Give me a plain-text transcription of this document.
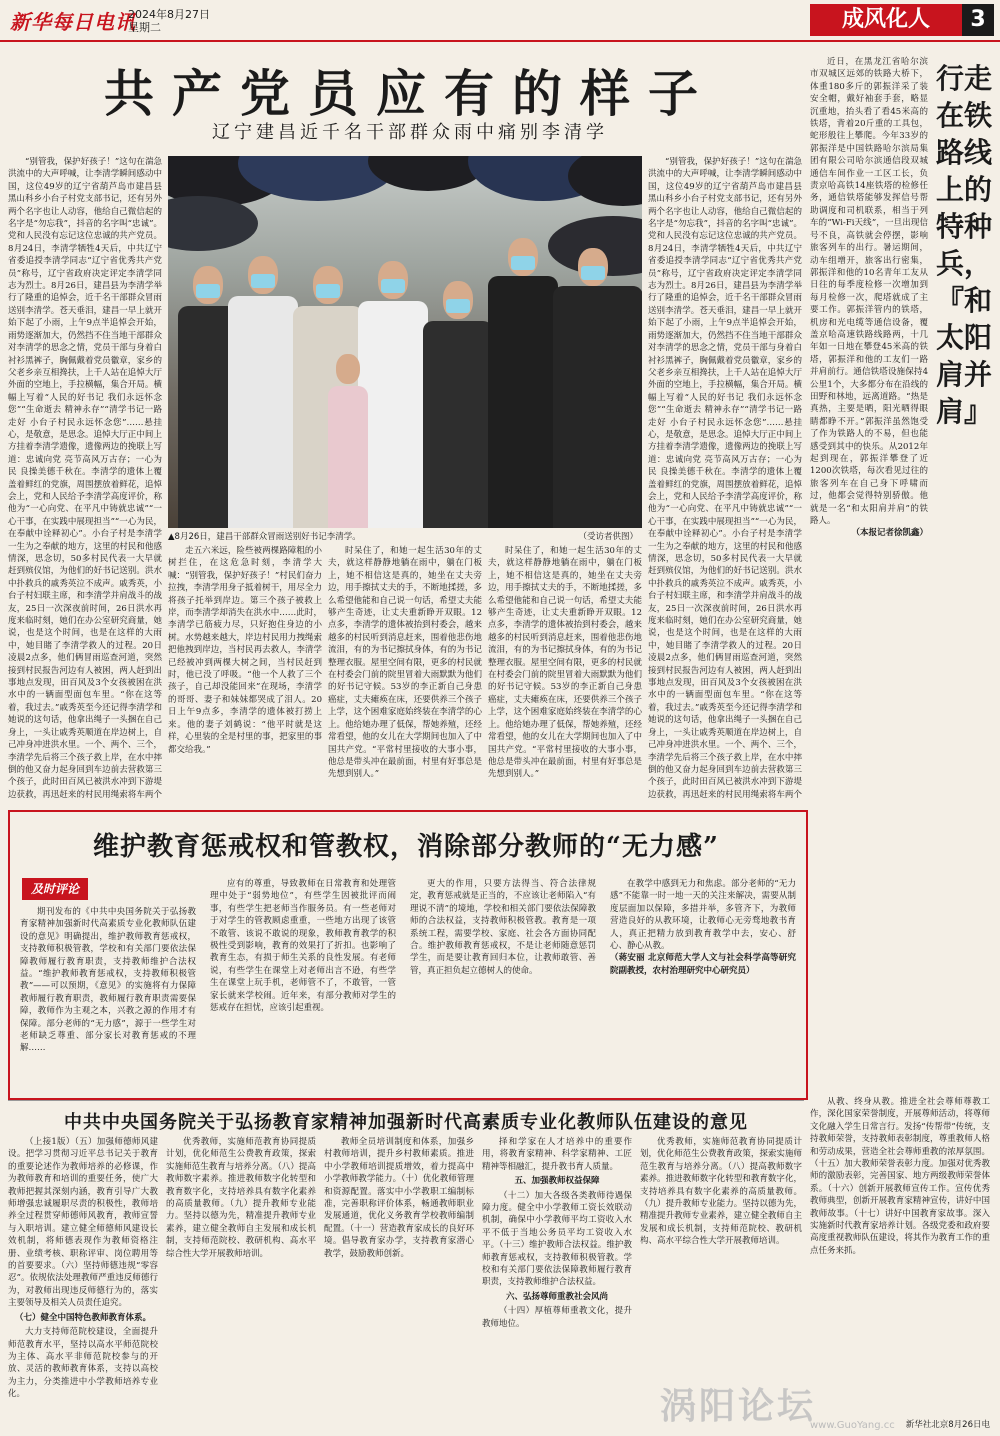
新华每日电讯
2024年8月27日
星期二	成风化人	3
共产党员应有的样子
辽宁建昌近千名干部群众雨中痛别李清学

“别管我，保护好孩子！”这句在湍急洪流中的大声呼喊，让李清学瞬间感动中国，这位49岁的辽宁省葫芦岛市建昌县黑山科乡小台子村党支部书记，还有另外两个名字也让人动容，他给自己微信起的名字是“勿忘我”，抖音的名字叫“忠诚”。党和人民没有忘记这位忠诚的共产党员。8月24日，李清学牺牲4天后，中共辽宁省委追授李清学同志“辽宁省优秀共产党员”称号，辽宁省政府决定评定李清学同志为烈士。8月26日，建昌县为李清学举行了隆重的追悼会，近千名干部群众冒雨送别李清学。苍天垂泪，建昌一早上就开始下起了小雨，上午9点半追悼会开始，雨势逐渐加大，仍然挡不住当地干部群众对李清学的思念之情，党员干部与身着白衬衫黑裤子，胸佩戴着党员徽章，家乡的父老乡亲互相搀扶，上千人站在追悼大厅外面的空地上，手拉横幅，集合开局。横幅上写着“人民的好书记 我们永远怀念您”“生命逝去 精神永存”“清学书记一路走好 小台子村民永远怀念您”……悬挂心，是敬意，是思念。追悼大厅正中间上方挂着李清学遗像，遗像两边的挽联上写道：忠诚向党 亮节高风万古存；一心为民 良操美德千秋在。李清学的遗体上覆盖着鲜红的党旗，周围摆放着鲜花，追悼会上，党和人民给予李清学高度评价，称他为“一心向党、在平凡中铸就忠诚”“一心干事，在实践中展现担当”“一心为民，在奉献中诠释初心”。小台子村是李清学一生为之奉献的地方，这里的村民和他感情深，思念切，50多村民代表一大早就赶到殡仪馆，为他们的好书记送别。洪水中扑救兵的戚秀英泣不成声。戚秀英，小台子村妇联主席，和李清学并肩战斗的战友，25日一次深夜前时间，26日洪水再度来临时刻，她们在办公室研究商量，她说，也是这个时间，也是在这样的大雨中，她目睹了李清学救人的过程。20日凌晨2点多，他们俩冒雨巡查河道，突然接到村民报告河边有人被困，两人赶到出事地点发现，田百风及3个女孩被困在洪水中的一辆面型面包车里。“你在这等着，我过去。”戚秀英至今还记得李清学和她说的这句话，他拿出绳子一头捆在自己身上，一头让戚秀英顺道在岸边树上，自己冲身冲进洪水里。一个、两个、三个，李清学先后将三个孩子救上岸，在水中摔倒的他又奋力起身回到车边前去营救第三个孩子，此时田百风已被洪水冲到下游堤边获救，再迅赶来的村民用绳索将车两个

▲8月26日，建昌干部群众冒雨送别好书记李清学。	（受访者供图）

走五六米远，险些被两棵路障粗的小树拦住，在这危急时刻，李清学大喊：“别管我，保护好孩子！”村民们奋力拉拽，李清学用身子抵着树干，用尽全力将孩子托举到岸边。第三个孩子被救上岸，而李清学却消失在洪水中……此时，李清学已筋疲力尽，只好抱住身边的小树。水势越来越大，岸边村民用力拽绳索把他拽到岸边，当村民再去救人，李清学已经被冲到两棵大树之间，当村民赶到时，他已没了呼吸。“他一个人救了三个孩子，自己却没能回来”在现场，李清学的哥哥、妻子和妹妹都哭成了泪人。20日上午9点多，李清学的遗体被打捞上来。他的妻子刘鹤说：“他平时就是这样，心里装的全是村里的事，把家里的事都交给我。”

时呆住了，和她一起生活30年的丈夫，就这样静静地躺在雨中，躺在门板上，她不相信这是真的，她坐在丈夫旁边，用手擦拭丈夫的手，不断地揉搓，多么希望他能和自己说一句话，希望丈夫能够产生奇迹，让丈夫重新睁开双眼。12点多，李清学的遗体被抬到村委会，越来越多的村民听到消息赶来，围着他悲伤地流泪，有的为书记擦拭身体，有的为书记整理衣服。屋里空间有限，更多的村民就在村委会门前的院里冒着大雨默默为他们的好书记守候。53岁的李正新自己身患癌症，丈夫瘫痪在床，还要供养三个孩子上学，这个困难家庭始终装在李清学的心上。他给她办理了低保，帮她养殖，还经常看望，他的女儿在大学期间也加入了中国共产党。“平常村里接收的大事小事，他总是带头冲在最前面，村里有好事总是先想到别人。”

时呆住了，和她一起生活30年的丈夫，就这样静静地躺在雨中，躺在门板上，她不相信这是真的，她坐在丈夫旁边，用手擦拭丈夫的手，不断地揉搓，多么希望他能和自己说一句话，希望丈夫能够产生奇迹，让丈夫重新睁开双眼。12点多，李清学的遗体被抬到村委会，越来越多的村民听到消息赶来，围着他悲伤地流泪，有的为书记擦拭身体，有的为书记整理衣服。屋里空间有限，更多的村民就在村委会门前的院里冒着大雨默默为他们的好书记守候。53岁的李正新自己身患癌症，丈夫瘫痪在床，还要供养三个孩子上学，这个困难家庭始终装在李清学的心上。他给她办理了低保，帮她养殖，还经常看望，他的女儿在大学期间也加入了中国共产党。“平常村里接收的大事小事，他总是带头冲在最前面，村里有好事总是先想到别人。”

“别管我，保护好孩子！”这句在湍急洪流中的大声呼喊，让李清学瞬间感动中国，这位49岁的辽宁省葫芦岛市建昌县黑山科乡小台子村党支部书记，还有另外两个名字也让人动容，他给自己微信起的名字是“勿忘我”，抖音的名字叫“忠诚”。党和人民没有忘记这位忠诚的共产党员。8月24日，李清学牺牲4天后，中共辽宁省委追授李清学同志“辽宁省优秀共产党员”称号，辽宁省政府决定评定李清学同志为烈士。8月26日，建昌县为李清学举行了隆重的追悼会，近千名干部群众冒雨送别李清学。苍天垂泪，建昌一早上就开始下起了小雨，上午9点半追悼会开始，雨势逐渐加大，仍然挡不住当地干部群众对李清学的思念之情，党员干部与身着白衬衫黑裤子，胸佩戴着党员徽章，家乡的父老乡亲互相搀扶，上千人站在追悼大厅外面的空地上，手拉横幅，集合开局。横幅上写着“人民的好书记 我们永远怀念您”“生命逝去 精神永存”“清学书记一路走好 小台子村民永远怀念您”……悬挂心，是敬意，是思念。追悼大厅正中间上方挂着李清学遗像，遗像两边的挽联上写道：忠诚向党 亮节高风万古存；一心为民 良操美德千秋在。李清学的遗体上覆盖着鲜红的党旗，周围摆放着鲜花，追悼会上，党和人民给予李清学高度评价，称他为“一心向党、在平凡中铸就忠诚”“一心干事，在实践中展现担当”“一心为民，在奉献中诠释初心”。小台子村是李清学一生为之奉献的地方，这里的村民和他感情深，思念切，50多村民代表一大早就赶到殡仪馆，为他们的好书记送别。洪水中扑救兵的戚秀英泣不成声。戚秀英，小台子村妇联主席，和李清学并肩战斗的战友，25日一次深夜前时间，26日洪水再度来临时刻，她们在办公室研究商量，她说，也是这个时间，也是在这样的大雨中，她目睹了李清学救人的过程。20日凌晨2点多，他们俩冒雨巡查河道，突然接到村民报告河边有人被困，两人赶到出事地点发现，田百风及3个女孩被困在洪水中的一辆面型面包车里。“你在这等着，我过去。”戚秀英至今还记得李清学和她说的这句话，他拿出绳子一头捆在自己身上，一头让戚秀英顺道在岸边树上，自己冲身冲进洪水里。一个、两个、三个，李清学先后将三个孩子救上岸，在水中摔倒的他又奋力起身回到车边前去营救第三个孩子，此时田百风已被洪水冲到下游堤边获救，再迅赶来的村民用绳索将车两个

近日，在黑龙江省哈尔滨市双城区远郊的铁路大桥下，体重180多斤的郭振洋采了装安全帽，戴好袖套手套，略显沉重地，抬头看了看45米高的铁塔，背着20斤重的工具包，蛇形般往上攀爬。今年33岁的郭振洋是中国铁路哈尔滨局集团有限公司哈尔滨通信段双城通信车间作业一工区工长，负责京哈高铁14座铁塔的检修任务，通信铁塔能够发挥信号帮助调度和司机联系，相当于列车的“Wi-Fi天线”，一旦出现信号不良，高铁就会停摆，影响旅客列车的出行。暑运期间，动车组增开，旅客出行密集，郭振洋和他的10名青年工友从日往的每季度检修一次增加到每月检修一次，爬塔就成了主要工作。郭振洋管内的铁塔，机房和光电缆等通信设备，覆盖京哈高速铁路线路两，十几年如一日地在攀登45米高的铁塔，郭振洋和他的工友们一路并肩前行。通信铁塔设施保持4公里1个，大多都分布在沿线的田野和林地，远离道路。“热是真热，主要是晒，阳光晒得眼睛都睁不开。”郭振洋虽然饱受了作为铁路人的不易，但也能感受到其中的快乐。从2012年起到现在，郭振洋攀登了近1200次铁塔，每次看见过往的旅客列车在自己身下呼啸而过，他都会觉得特别骄傲。他就是一名“和太阳肩并肩”的铁路人。

（本报记者徐凯鑫）

行走在铁路线上的特种兵，『和太阳肩并肩』
维护教育惩戒权和管教权，消除部分教师的“无力感”
及时评论

期刊发布的《中共中央国务院关于弘扬教育家精神加强新时代高素质专业化教师队伍建设的意见》明确提出，维护教师教育惩戒权，支持教师积极管教，学校和有关部门要依法保障教师履行教育职责，支持教师维护合法权益。“维护教师教育惩戒权，支持教师积极管教”——可以预期，《意见》的实施将有力保障教师履行教育职责，教师履行教育职责需要保障，教师作为主观之本，兴教之源的作用才有保障。部分老师的“无力感”，源于一些学生对老师缺乏尊重、部分家长对教育惩戒的不理解……

应有的尊重，导致教师在日常教育和处理管理中处于“弱势地位”，有些学生因被批评而闹事，有些学生把老师当作服务员。有一些老师对于对学生的管教顾虑重重，一些地方出现了该管不敢管、该说不敢说的现象，教师教育教学的积极性受到影响，教育的效果打了折扣。也影响了教育生态，有损于师生关系的良性发展。有老师说，有些学生在课堂上对老师出言不逊，有些学生在课堂上玩手机，老师管不了，不敢管，一管家长就来学校闹。近年来，有部分教师对学生的惩戒存在担忧，应该引起重视。

更大的作用，只要方法得当、符合法律规定，教育惩戒就是正当的，不应该让老师陷入“有理说不清”的境地，学校和相关部门要依法保障教师的合法权益，支持教师积极管教。教育是一项系统工程，需要学校、家庭、社会各方面协同配合。维护教师教育惩戒权，不是让老师随意惩罚学生，而是要让教育回归本位，让教师敢管、善管，真正担负起立德树人的使命。

在教学中感到无力和焦虑。部分老师的“无力感”不能靠一时一地一天的关注来解决，需要从制度层面加以保障，多措并举，多管齐下，为教师营造良好的从教环境，让教师心无旁骛地教书育人，真正把精力放到教育教学中去，安心、舒心、静心从教。

（蒋安丽 北京师范大学人文与社会科学高等研究院副教授，农村治理研究中心研究员）

中共中央国务院关于弘扬教育家精神加强新时代高素质专业化教师队伍建设的意见

（上接1版）（五）加强师德师风建设。把学习贯彻习近平总书记关于教育的重要论述作为教师培养的必修课，作为教师教育和培训的重要任务，使广大教师把握其深刻内涵，教育引导广大教师增强忠诚履职尽责的积极性，教师培养全过程贯穿师德师风教育，教师宣誓与入职培训。建立健全师德师风建设长效机制，将师德表现作为教师资格注册、业绩考核、职称评审、岗位聘用等的首要要求。（六）坚持师德违规“零容忍”。依规依法处理教师严重违反师德行为，对教师出现违反师德行为的，落实主要领导及相关人员责任追究。

（七）健全中国特色教师教育体系。

大力支持师范院校建设，全面提升师范教育水平，坚持以高水平师范院校为主体、高水平非师范院校参与的开放、灵活的教师教育体系，支持以高校为主力，分类推进中小学教师培养专业化。

优秀教师，实施师范教育协同提质计划，优化师范生公费教育政策，探索实施师范生教育与培养分离。（八）提高教师数字素养。推进教师数字化转型和教育数字化，支持培养具有数字化素养的高质量教师。（九）提升教师专业能力。坚持以德为先，精准提升教师专业素养，建立健全教师自主发展和成长机制，支持师范院校、教研机构、高水平综合性大学开展教师培训。

教师全员培训制度和体系，加强乡村教师培训，提升乡村教师素质。推进中小学教师培训提质增效，着力提高中小学教师教学能力。（十）优化教师管理和资源配置。落实中小学教职工编制标准，完善职称评价体系，畅通教师职业发展通道，优化义务教育学校教师编制配置。（十一）营造教育家成长的良好环境。倡导教育家办学，支持教育家潜心教学，鼓励教师创新。

择和学家在人才培养中的重要作用，将教育家精神、科学家精神、工匠精神等相融汇，提升教书育人质量。

五、加强教师权益保障

（十二）加大各级各类教师待遇保障力度。健全中小学教师工资长效联动机制，确保中小学教师平均工资收入水平不低于当地公务员平均工资收入水平。（十三）维护教师合法权益。维护教师教育惩戒权，支持教师积极管教。学校和有关部门要依法保障教师履行教育职责，支持教师维护合法权益。

六、弘扬尊师重教社会风尚

（十四）厚植尊师重教文化，提升教师地位。

优秀教师，实施师范教育协同提质计划，优化师范生公费教育政策，探索实施师范生教育与培养分离。（八）提高教师数字素养。推进教师数字化转型和教育数字化，支持培养具有数字化素养的高质量教师。（九）提升教师专业能力。坚持以德为先，精准提升教师专业素养，建立健全教师自主发展和成长机制，支持师范院校、教研机构、高水平综合性大学开展教师培训。

从教、终身从教。推进全社会尊师尊教工作，深化国家荣誉制度，开展尊师活动，将尊师文化融入学生日常言行。发扬“传帮带”传统，支持教师荣誉，支持教师表彰制度，尊重教师人格和劳动成果，营造全社会尊师重教的浓厚氛围。（十五）加大教师荣誉表彰力度。加强对优秀教师的激励表彰，完善国家、地方两级教师荣誉体系。（十六）创新开展教师宣传工作。宣传优秀教师典型，创新开展教育家精神宣传，讲好中国教师故事。（十七）讲好中国教育家故事。深入实施新时代教育家培养计划。各级党委和政府要高度重视教师队伍建设，将其作为教育工作的重点任务来抓。

涡阳论坛
www.GuoYang.cc	新华社北京8月26日电
